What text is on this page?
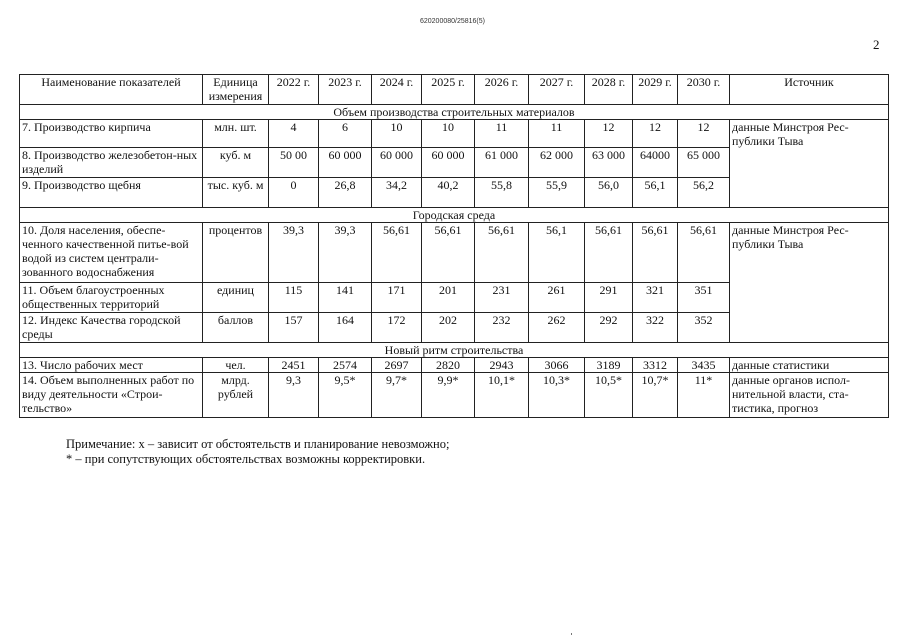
620200080/25816(5)
2
Наименование показателей	Единица измерения	2022 г.	2023 г.	2024 г.	2025 г.	2026 г.	2027 г.	2028 г.	2029 г.	2030 г.	Источник
Объем производства строительных материалов											
7. Производство кирпича	млн. шт.	4	6	10	10	11	11	12	12	12	данные Минстроя Рес-публики Тыва
8. Производство железобетон-ных изделий	куб. м	50 00	60 000	60 000	60 000	61 000	62 000	63 000	64000	65 000	
9. Производство щебня	тыс. куб. м	0	26,8	34,2	40,2	55,8	55,9	56,0	56,1	56,2	
Городская среда											
10. Доля населения, обеспе-ченного качественной питье-вой водой из систем централи-зованного водоснабжения	процентов	39,3	39,3	56,61	56,61	56,61	56,1	56,61	56,61	56,61	данные Минстроя Рес-публики Тыва
11. Объем благоустроенных общественных территорий	единиц	115	141	171	201	231	261	291	321	351	
12. Индекс Качества городской среды	баллов	157	164	172	202	232	262	292	322	352	
Новый ритм строительства											
13. Число рабочих мест	чел.	2451	2574	2697	2820	2943	3066	3189	3312	3435	данные статистики
14. Объем выполненных работ по виду деятельности «Строи-тельство»	млрд. рублей	9,3	9,5*	9,7*	9,9*	10,1*	10,3*	10,5*	10,7*	11*	данные органов испол-нительной власти, ста-тистика, прогноз
Примечание: х – зависит от обстоятельств и планирование невозможно;
* – при сопутствующих обстоятельствах возможны корректировки.
